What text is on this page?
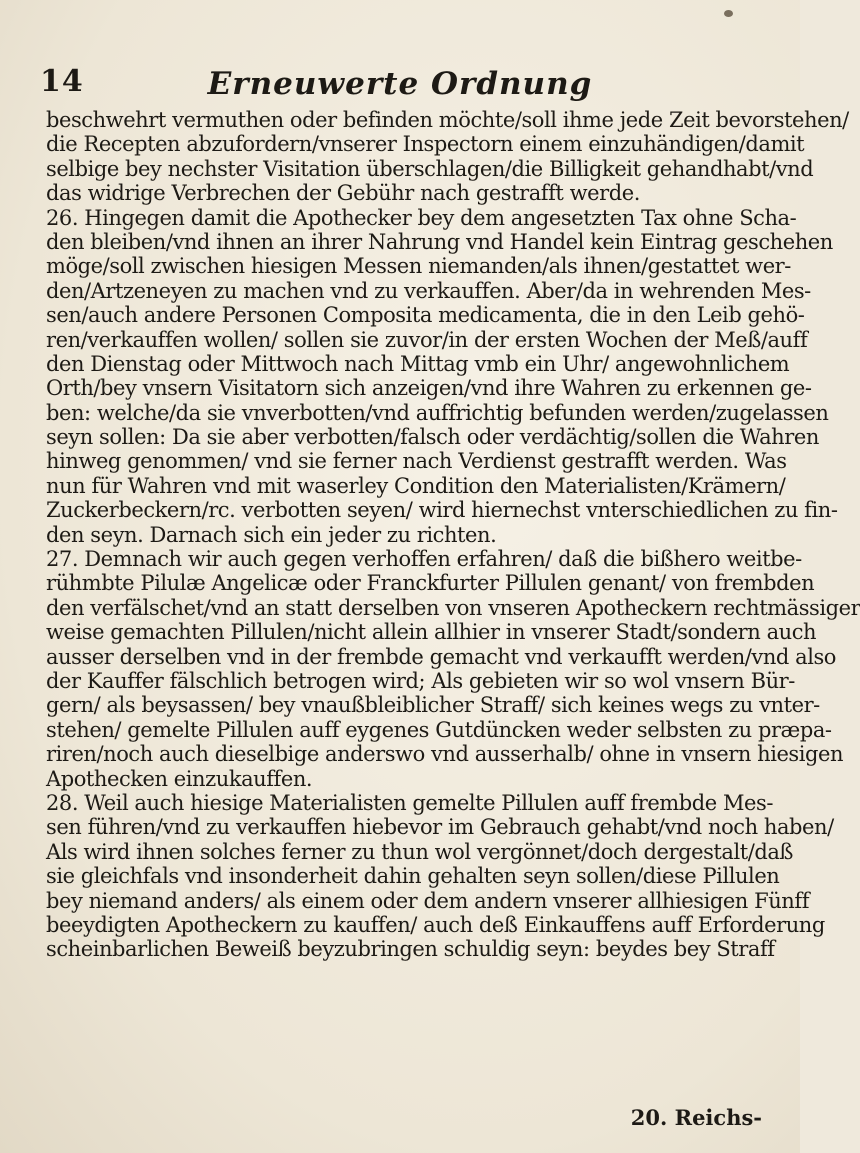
14	Erneuwerte Ordnung
beschwehrt vermuthen oder befinden möchte/soll ihme jede Zeit bevorstehen/
die Recepten abzufordern/vnserer Inspectorn einem einzuhändigen/damit
selbige bey nechster Visitation überschlagen/die Billigkeit gehandhabt/vnd
das widrige Verbrechen der Gebühr nach gestrafft werde.
26. Hingegen damit die Apothecker bey dem angesetzten Tax ohne Scha-
den bleiben/vnd ihnen an ihrer Nahrung vnd Handel kein Eintrag geschehen
möge/soll zwischen hiesigen Messen niemanden/als ihnen/gestattet wer-
den/Artzeneyen zu machen vnd zu verkauffen. Aber/da in wehrenden Mes-
sen/auch andere Personen Composita medicamenta, die in den Leib gehö-
ren/verkauffen wollen/ sollen sie zuvor/in der ersten Wochen der Meß/auff
den Dienstag oder Mittwoch nach Mittag vmb ein Uhr/ angewohnlichem
Orth/bey vnsern Visitatorn sich anzeigen/vnd ihre Wahren zu erkennen ge-
ben: welche/da sie vnverbotten/vnd auffrichtig befunden werden/zugelassen
seyn sollen: Da sie aber verbotten/falsch oder verdächtig/sollen die Wahren
hinweg genommen/ vnd sie ferner nach Verdienst gestrafft werden. Was
nun für Wahren vnd mit waserley Condition den Materialisten/Krämern/
Zuckerbeckern/rc. verbotten seyen/ wird hiernechst vnterschiedlichen zu fin-
den seyn. Darnach sich ein jeder zu richten.
27. Demnach wir auch gegen verhoffen erfahren/ daß die bißhero weitbe-
rühmbte Pilulæ Angelicæ oder Franckfurter Pillulen genant/ von frembden
den verfälschet/vnd an statt derselben von vnseren Apotheckern rechtmässiger
weise gemachten Pillulen/nicht allein allhier in vnserer Stadt/sondern auch
ausser derselben vnd in der frembde gemacht vnd verkaufft werden/vnd also
der Kauffer fälschlich betrogen wird; Als gebieten wir so wol vnsern Bür-
gern/ als beysassen/ bey vnaußbleiblicher Straff/ sich keines wegs zu vnter-
stehen/ gemelte Pillulen auff eygenes Gutdüncken weder selbsten zu præpa-
riren/noch auch dieselbige anderswo vnd ausserhalb/ ohne in vnsern hiesigen
Apothecken einzukauffen.
28. Weil auch hiesige Materialisten gemelte Pillulen auff frembde Mes-
sen führen/vnd zu verkauffen hiebevor im Gebrauch gehabt/vnd noch haben/
Als wird ihnen solches ferner zu thun wol vergönnet/doch dergestalt/daß
sie gleichfals vnd insonderheit dahin gehalten seyn sollen/diese Pillulen
bey niemand anders/ als einem oder dem andern vnserer allhiesigen Fünff
beeydigten Apotheckern zu kauffen/ auch deß Einkauffens auff Erforderung
scheinbarlichen Beweiß beyzubringen schuldig seyn: beydes bey Straff
20. Reichs-
